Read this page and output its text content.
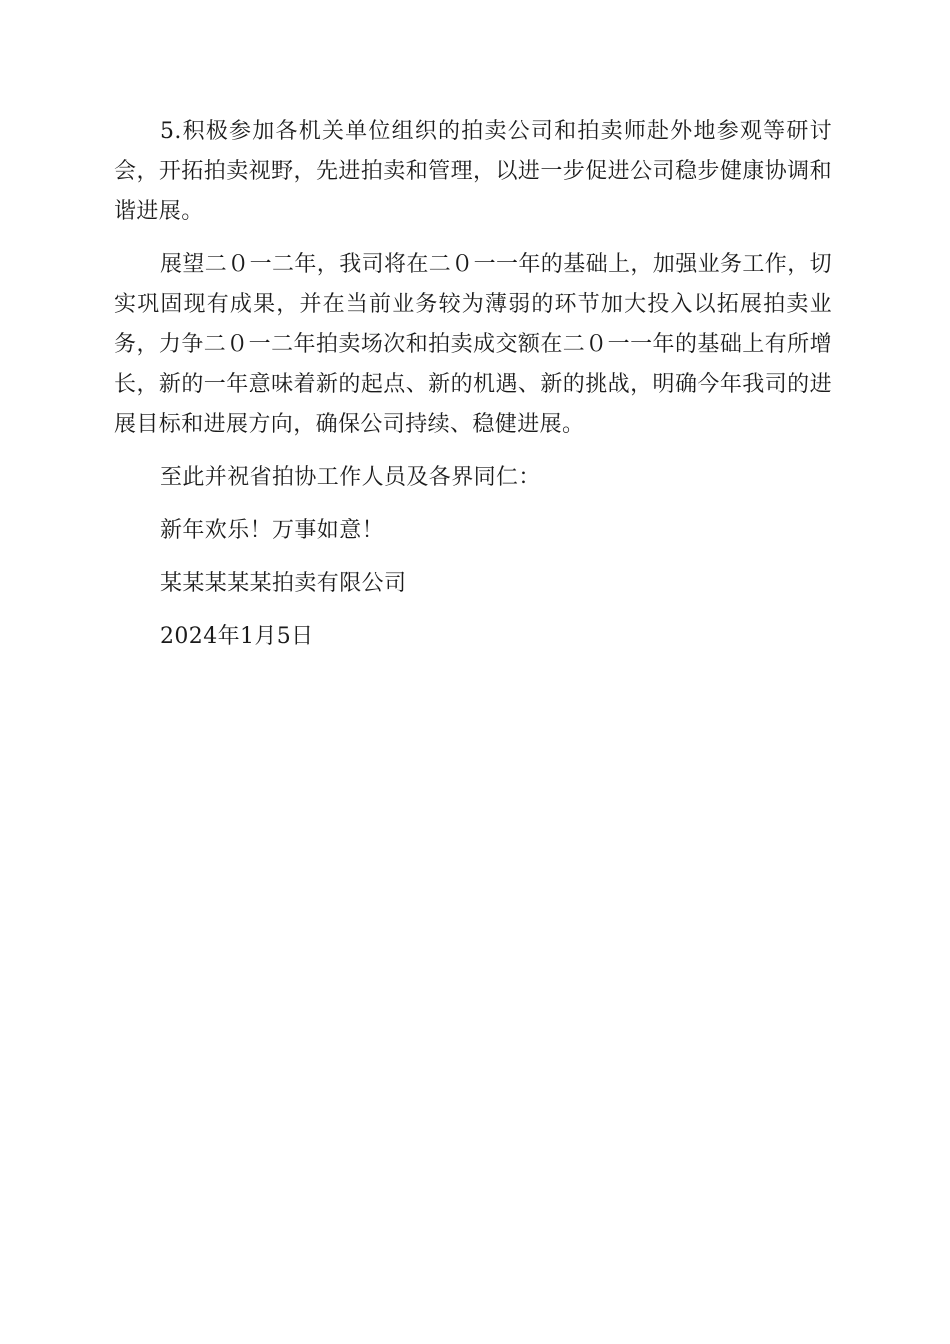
5.积极参加各机关单位组织的拍卖公司和拍卖师赴外地参观等研讨会，开拓拍卖视野，先进拍卖和管理，以进一步促进公司稳步健康协调和谐进展。

展望二０一二年，我司将在二０一一年的基础上，加强业务工作，切实巩固现有成果，并在当前业务较为薄弱的环节加大投入以拓展拍卖业务，力争二０一二年拍卖场次和拍卖成交额在二０一一年的基础上有所增长，新的一年意味着新的起点、新的机遇、新的挑战，明确今年我司的进展目标和进展方向，确保公司持续、稳健进展。

至此并祝省拍协工作人员及各界同仁：

新年欢乐！万事如意！

某某某某某拍卖有限公司

2024年1月5日
